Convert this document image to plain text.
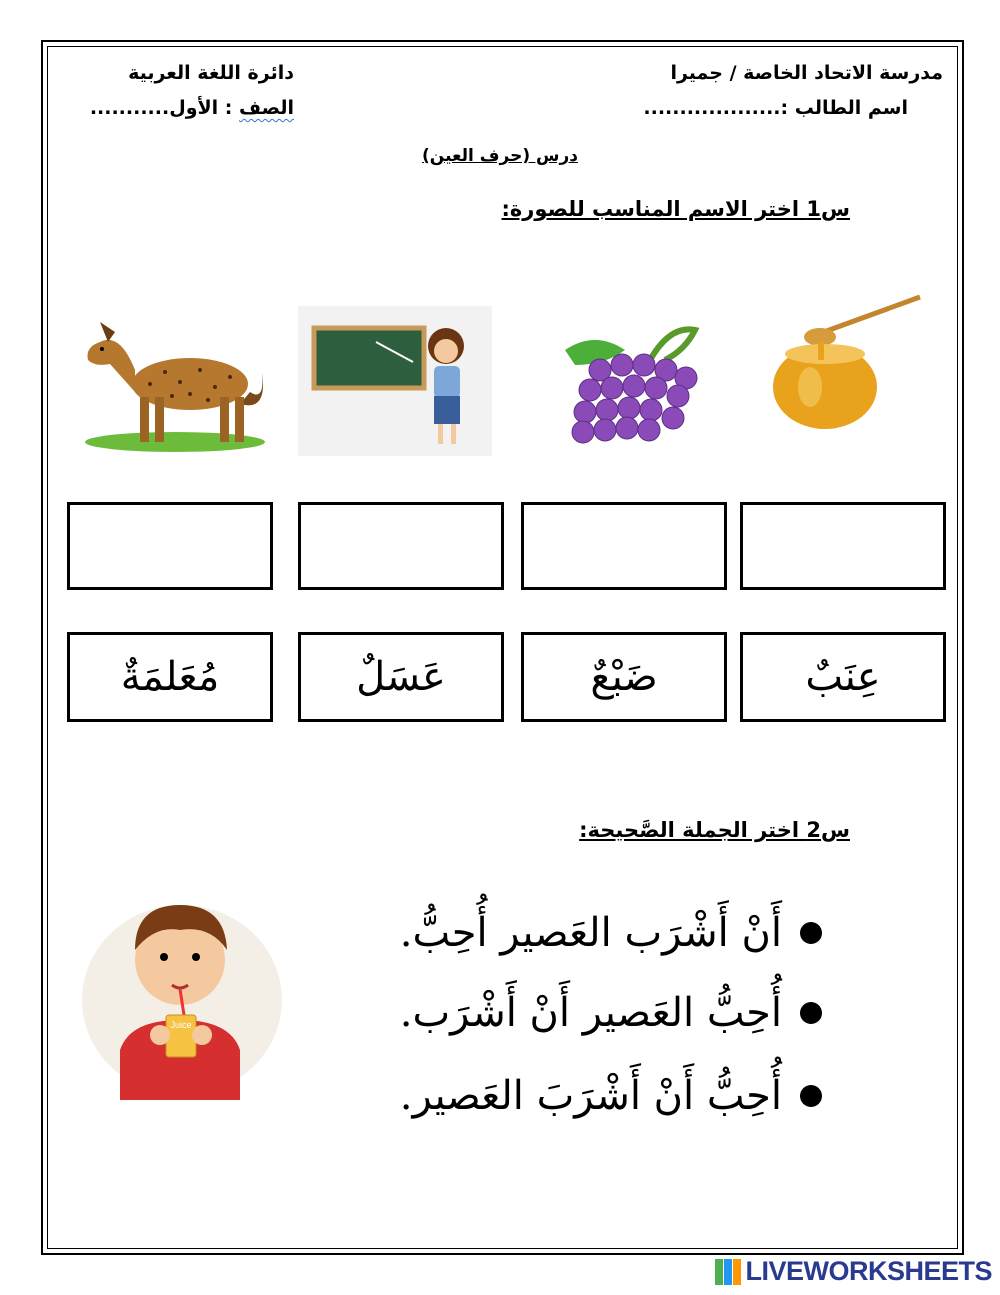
مدرسة الاتحاد الخاصة / جميرا
اسم الطالب :...................
دائرة اللغة العربية
الصف : الأول...........
درس (حرف العين)
س1 اختر الاسم المناسب للصورة:
عِنَبٌ
ضَبْعٌ
عَسَلٌ
مُعَلمَةٌ
س2 اختر الجملة الصَّحيحة:
Juice
أَنْ أَشْرَب العَصير أُحِبُّ.
أُحِبُّ العَصير أَنْ أَشْرَب.
أُحِبُّ أَنْ أَشْرَبَ العَصير.
LIVEWORKSHEETS
